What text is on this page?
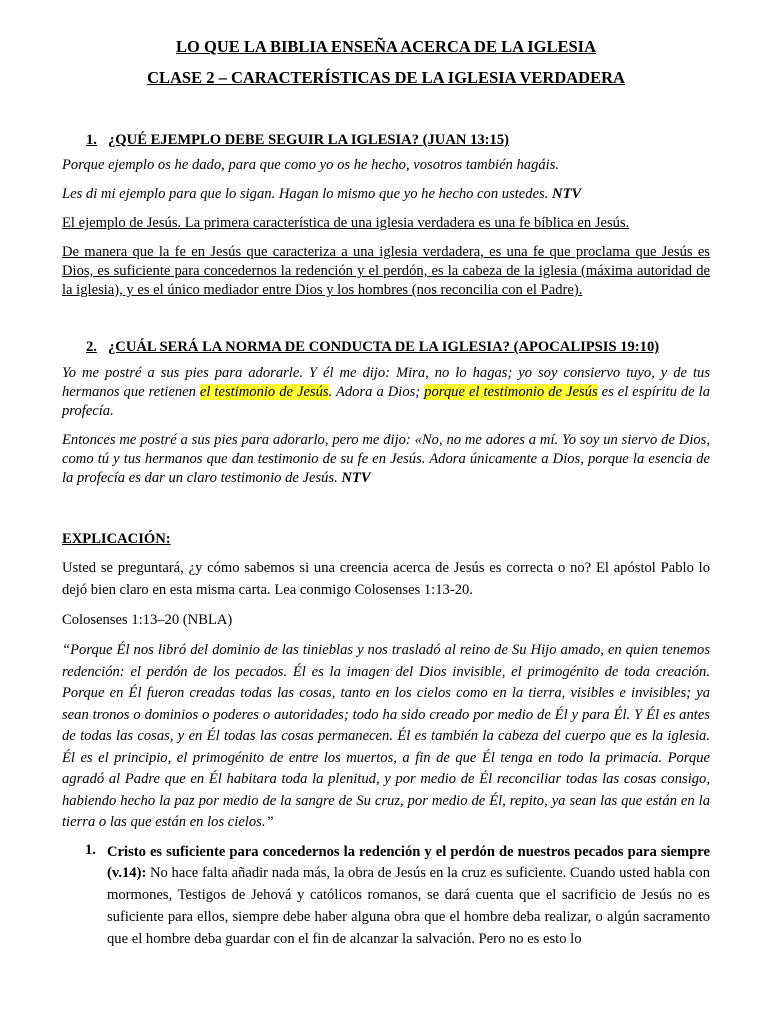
LO QUE LA BIBLIA ENSEÑA ACERCA DE LA IGLESIA

CLASE 2 – CARACTERÍSTICAS DE LA IGLESIA VERDADERA

1. ¿QUÉ EJEMPLO DEBE SEGUIR LA IGLESIA? (JUAN 13:15)

Porque ejemplo os he dado, para que como yo os he hecho, vosotros también hagáis.

Les di mi ejemplo para que lo sigan. Hagan lo mismo que yo he hecho con ustedes. NTV

El ejemplo de Jesús. La primera característica de una iglesia verdadera es una fe bíblica en Jesús.

De manera que la fe en Jesús que caracteriza a una iglesia verdadera, es una fe que proclama que Jesús es Dios, es suficiente para concedernos la redención y el perdón, es la cabeza de la iglesia (máxima autoridad de la iglesia), y es el único mediador entre Dios y los hombres (nos reconcilia con el Padre).

2. ¿CUÁL SERÁ LA NORMA DE CONDUCTA DE LA IGLESIA? (APOCALIPSIS 19:10)

Yo me postré a sus pies para adorarle. Y él me dijo: Mira, no lo hagas; yo soy consiervo tuyo, y de tus hermanos que retienen el testimonio de Jesús. Adora a Dios; porque el testimonio de Jesús es el espíritu de la profecía.

Entonces me postré a sus pies para adorarlo, pero me dijo: «No, no me adores a mí. Yo soy un siervo de Dios, como tú y tus hermanos que dan testimonio de su fe en Jesús. Adora únicamente a Dios, porque la esencia de la profecía es dar un claro testimonio de Jesús. NTV

EXPLICACIÓN:

Usted se preguntará, ¿y cómo sabemos si una creencia acerca de Jesús es correcta o no? El apóstol Pablo lo dejó bien claro en esta misma carta. Lea conmigo Colosenses 1:13-20.

Colosenses 1:13–20 (NBLA)

“Porque Él nos libró del dominio de las tinieblas y nos trasladó al reino de Su Hijo amado, en quien tenemos redención: el perdón de los pecados. Él es la imagen del Dios invisible, el primogénito de toda creación. Porque en Él fueron creadas todas las cosas, tanto en los cielos como en la tierra, visibles e invisibles; ya sean tronos o dominios o poderes o autoridades; todo ha sido creado por medio de Él y para Él. Y Él es antes de todas las cosas, y en Él todas las cosas permanecen. Él es también la cabeza del cuerpo que es la iglesia. Él es el principio, el primogénito de entre los muertos, a fin de que Él tenga en todo la primacía. Porque agradó al Padre que en Él habitara toda la plenitud, y por medio de Él reconciliar todas las cosas consigo, habiendo hecho la paz por medio de la sangre de Su cruz, por medio de Él, repito, ya sean las que están en la tierra o las que están en los cielos.”

1. Cristo es suficiente para concedernos la redención y el perdón de nuestros pecados para siempre (v.14): No hace falta añadir nada más, la obra de Jesús en la cruz es suficiente. Cuando usted habla con mormones, Testigos de Jehová y católicos romanos, se dará cuenta que el sacrificio de Jesús no es suficiente para ellos, siempre debe haber alguna obra que el hombre deba realizar, o algún sacramento que el hombre deba guardar con el fin de alcanzar la salvación. Pero no es esto lo
